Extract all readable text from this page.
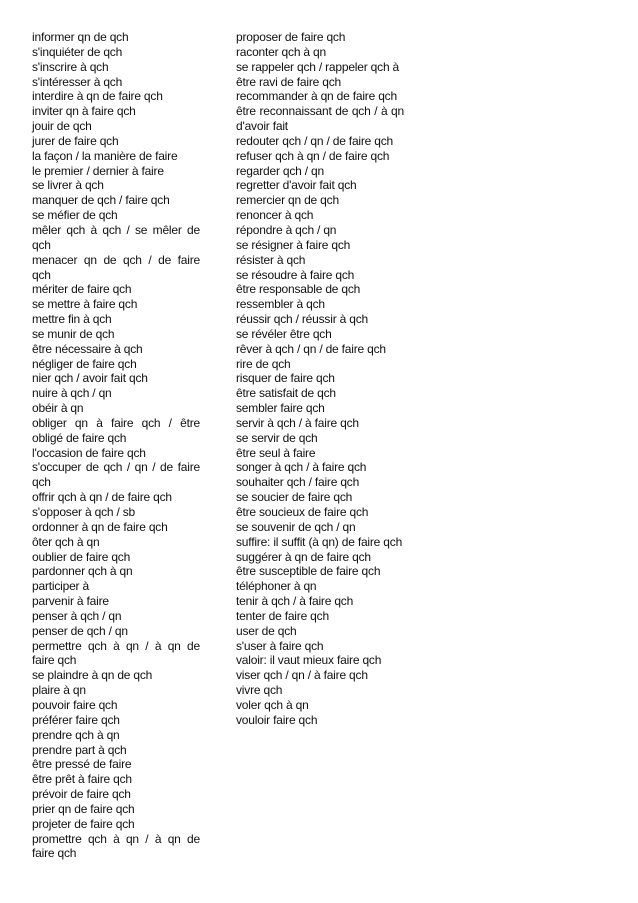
informer qn de qch

s'inquiéter de qch

s'inscrire à qch

s'intéresser à qch

interdire à qn de faire qch

inviter qn à faire qch

jouir de qch

jurer de faire qch

la façon / la manière de faire

le premier / dernier à faire

se livrer à qch

manquer de qch / faire qch

se méfier de qch

mêler qch à qch / se mêler de qch

menacer qn de qch / de faire qch

mériter de faire qch

se mettre à faire qch

mettre fin à qch

se munir de qch

être nécessaire à qch

négliger de faire qch

nier qch / avoir fait qch

nuire à qch / qn

obéir à qn

obliger qn à faire qch / être obligé de faire qch

l'occasion de faire qch

s'occuper de qch / qn / de faire qch

offrir qch à qn / de faire qch

s'opposer à qch / sb

ordonner à qn de faire qch

ôter qch à qn

oublier de faire qch

pardonner qch à qn

participer à

parvenir à faire

penser à qch / qn

penser de qch / qn

permettre qch à qn / à qn de faire qch

se plaindre à qn de qch

plaire à qn

pouvoir faire qch

préférer faire qch

prendre qch à qn

prendre part à qch

être pressé de faire

être prêt à faire qch

prévoir de faire qch

prier qn de faire qch

projeter de faire qch

promettre qch à qn / à qn de faire qch

proposer de faire qch

raconter qch à qn

se rappeler qch / rappeler qch à

être ravi de faire qch

recommander à qn de faire qch

être reconnaissant de qch / à qn d'avoir fait

redouter qch / qn / de faire qch

refuser qch à qn / de faire qch

regarder qch / qn

regretter d'avoir fait qch

remercier qn de qch

renoncer à qch

répondre à qch / qn

se résigner à faire qch

résister à qch

se résoudre à faire qch

être responsable de qch

ressembler à qch

réussir qch / réussir à qch

se révéler être qch

rêver à qch / qn / de faire qch

rire de qch

risquer de faire qch

être satisfait de qch

sembler faire qch

servir à qch / à faire qch

se servir de qch

être seul à faire

songer à qch / à faire qch

souhaiter qch / faire qch

se soucier de faire qch

être soucieux de faire qch

se souvenir de qch / qn

suffire: il suffit (à qn) de faire qch

suggérer à qn de faire qch

être susceptible de faire qch

téléphoner à qn

tenir à qch / à faire qch

tenter de faire qch

user de qch

s'user à faire qch

valoir: il vaut mieux faire qch

viser qch / qn / à faire qch

vivre qch

voler qch à qn

vouloir faire qch
